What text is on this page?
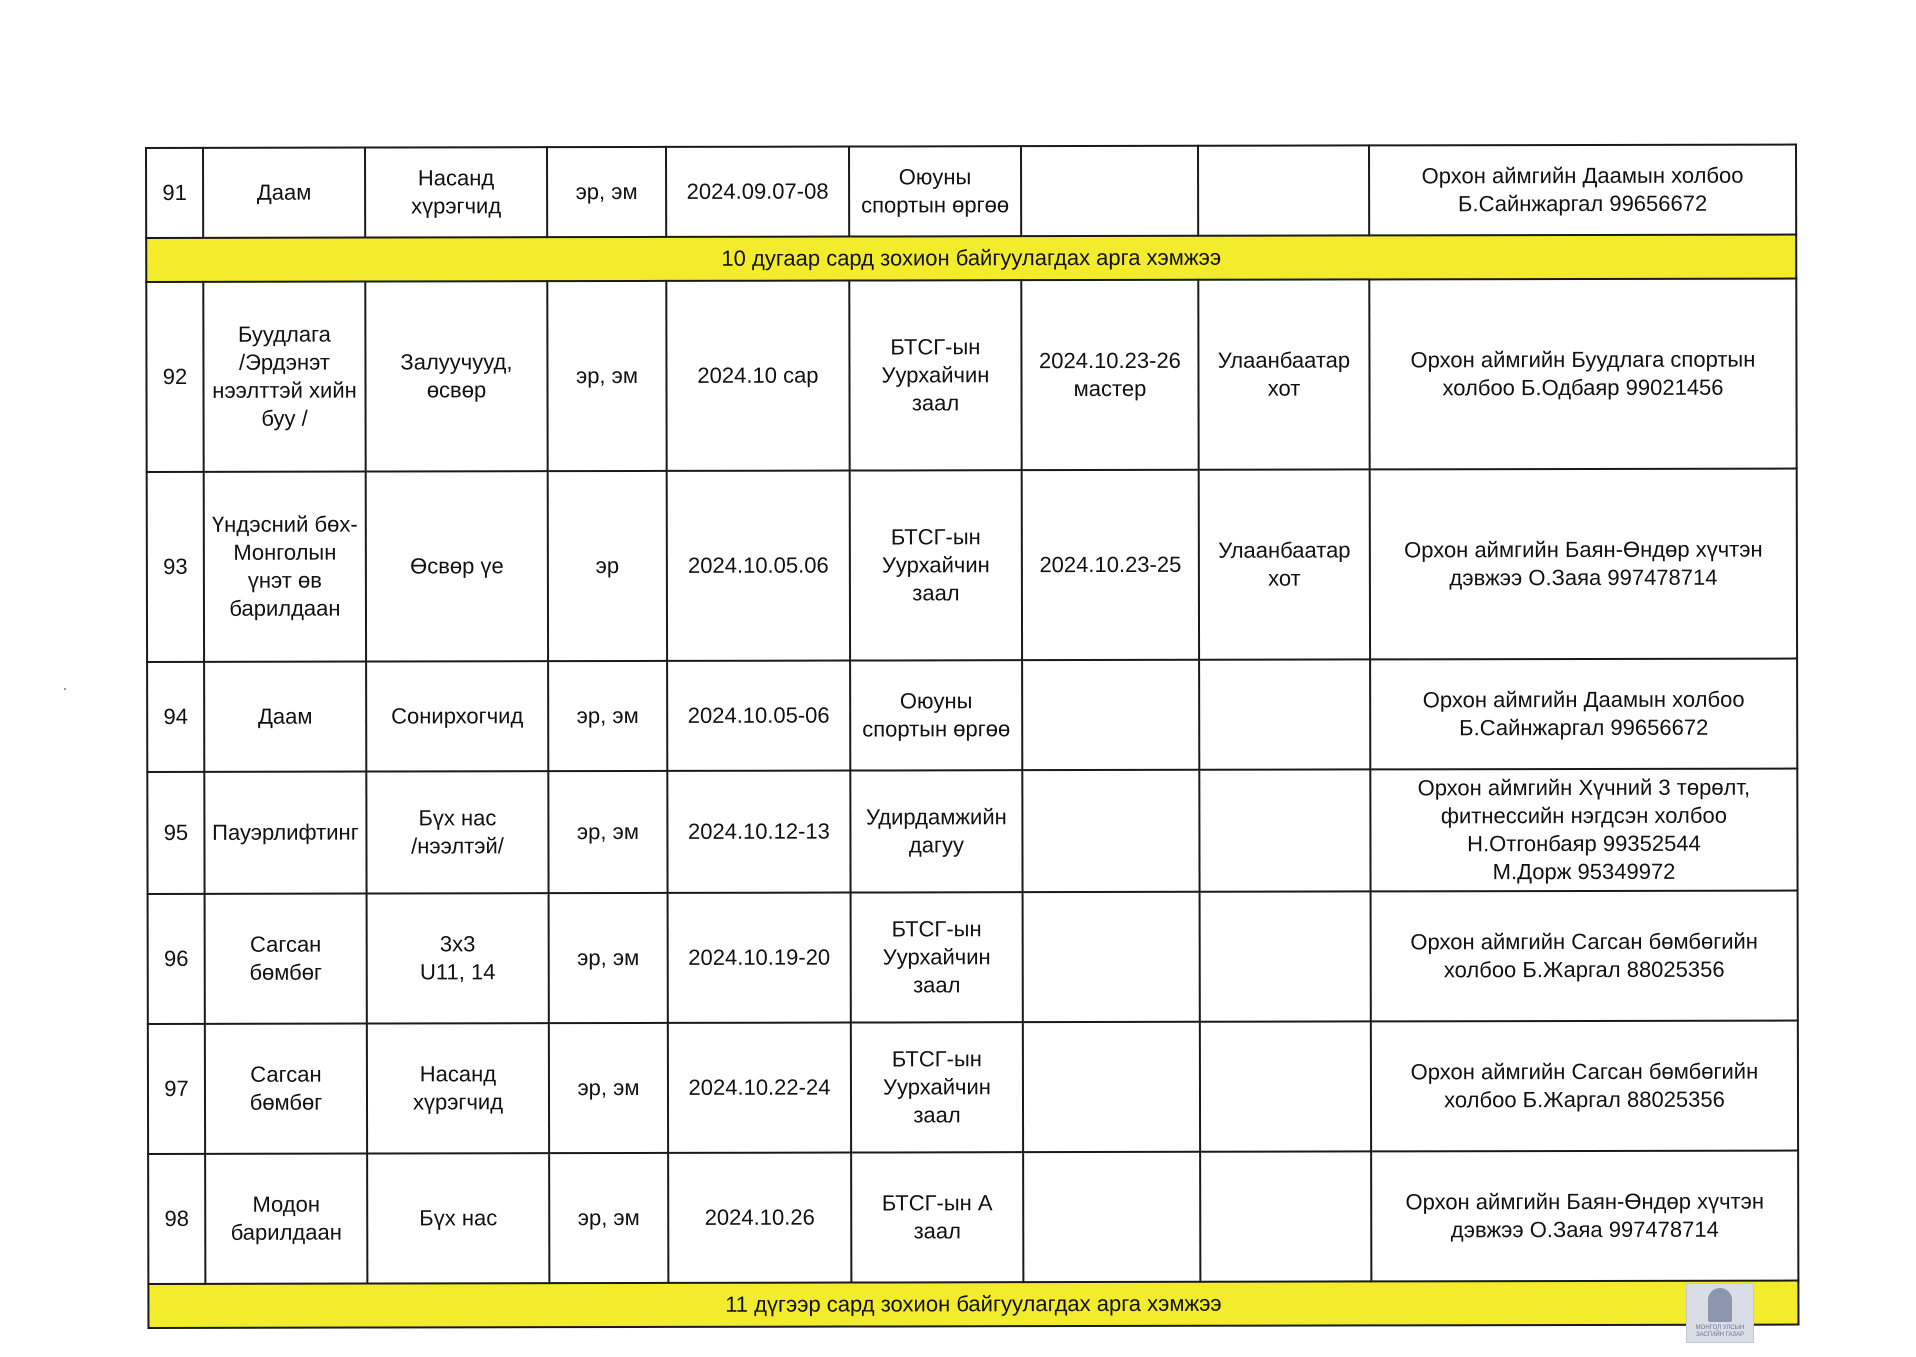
91	Даам	Насанд
хүрэгчид	эр, эм	2024.09.07-08	Оюуны
спортын өргөө			Орхон аймгийн Даамын холбоо
Б.Сайнжаргал 99656672
10 дугаар сард зохион байгуулагдах арга хэмжээ								
92	Буудлага
/Эрдэнэт
нээлттэй хийн
буу /	Залуучууд,
өсвөр	эр, эм	2024.10 сар	БТСГ-ын
Уурхайчин
заал	2024.10.23-26
мастер	Улаанбаатар
хот	Орхон аймгийн Буудлага спортын
холбоо Б.Одбаяр 99021456
93	Үндэсний бөх-
Монголын
үнэт өв
барилдаан	Өсвөр үе	эр	2024.10.05.06	БТСГ-ын
Уурхайчин
заал	2024.10.23-25	Улаанбаатар
хот	Орхон аймгийн Баян-Өндөр хүчтэн
дэвжээ О.Заяа 997478714
94	Даам	Сонирхогчид	эр, эм	2024.10.05-06	Оюуны
спортын өргөө			Орхон аймгийн Даамын холбоо
Б.Сайнжаргал 99656672
95	Пауэрлифтинг	Бүх нас
/нээлтэй/	эр, эм	2024.10.12-13	Удирдамжийн
дагуу			Орхон аймгийн Хүчний 3 төрөлт,
фитнессийн нэгдсэн холбоо
Н.Отгонбаяр 99352544
М.Дорж 95349972
96	Сагсан
бөмбөг	3х3
U11, 14	эр, эм	2024.10.19-20	БТСГ-ын
Уурхайчин
заал			Орхон аймгийн Сагсан бөмбөгийн
холбоо Б.Жаргал 88025356
97	Сагсан
бөмбөг	Насанд
хүрэгчид	эр, эм	2024.10.22-24	БТСГ-ын
Уурхайчин
заал			Орхон аймгийн Сагсан бөмбөгийн
холбоо Б.Жаргал 88025356
98	Модон
барилдаан	Бүх нас	эр, эм	2024.10.26	БТСГ-ын А
заал			Орхон аймгийн Баян-Өндөр хүчтэн
дэвжээ О.Заяа 997478714
11 дүгээр сард зохион байгуулагдах арга хэмжээ								
МОНГОЛ УЛСЫН
ЗАСГИЙН ГАЗАР
